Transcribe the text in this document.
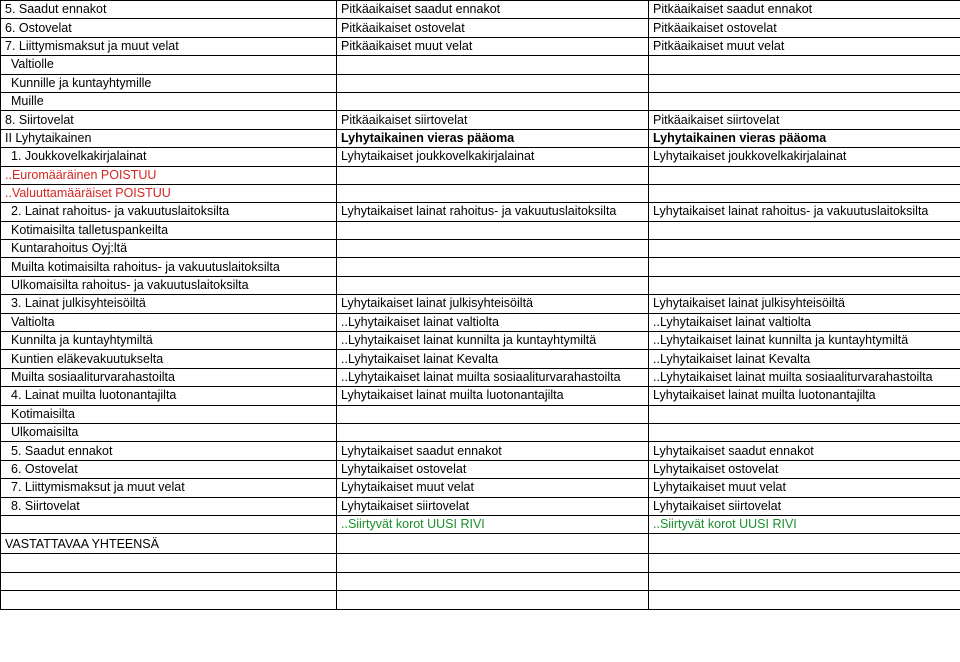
5. Saadut ennakot	Pitkäaikaiset saadut ennakot	Pitkäaikaiset saadut ennakot
6. Ostovelat	Pitkäaikaiset ostovelat	Pitkäaikaiset ostovelat
7. Liittymismaksut ja muut velat	Pitkäaikaiset muut velat	Pitkäaikaiset muut velat
Valtiolle		
Kunnille ja kuntayhtymille		
Muille		
8. Siirtovelat	Pitkäaikaiset siirtovelat	Pitkäaikaiset siirtovelat
II Lyhytaikainen	Lyhytaikainen vieras pääoma	Lyhytaikainen vieras pääoma
1. Joukkovelkakirjalainat	Lyhytaikaiset joukkovelkakirjalainat	Lyhytaikaiset joukkovelkakirjalainat
..Euromääräinen POISTUU		
..Valuuttamääräiset POISTUU		
2. Lainat rahoitus- ja vakuutuslaitoksilta	Lyhytaikaiset lainat rahoitus- ja vakuutuslaitoksilta	Lyhytaikaiset lainat rahoitus- ja vakuutuslaitoksilta
Kotimaisilta talletuspankeilta		
Kuntarahoitus Oyj:ltä		
Muilta kotimaisilta rahoitus- ja vakuutuslaitoksilta		
Ulkomaisilta rahoitus- ja vakuutuslaitoksilta		
3. Lainat julkisyhteisöiltä	Lyhytaikaiset lainat julkisyhteisöiltä	Lyhytaikaiset lainat julkisyhteisöiltä
Valtiolta	..Lyhytaikaiset lainat valtiolta	..Lyhytaikaiset lainat valtiolta
Kunnilta ja kuntayhtymiltä	..Lyhytaikaiset lainat kunnilta ja kuntayhtymiltä	..Lyhytaikaiset lainat kunnilta ja kuntayhtymiltä
Kuntien eläkevakuutukselta	..Lyhytaikaiset lainat Kevalta	..Lyhytaikaiset lainat Kevalta
Muilta sosiaaliturvarahastoilta	..Lyhytaikaiset lainat muilta sosiaaliturvarahastoilta	..Lyhytaikaiset lainat muilta sosiaaliturvarahastoilta
4. Lainat muilta luotonantajilta	Lyhytaikaiset lainat muilta luotonantajilta	Lyhytaikaiset lainat muilta luotonantajilta
Kotimaisilta		
Ulkomaisilta		
5. Saadut ennakot	Lyhytaikaiset saadut ennakot	Lyhytaikaiset saadut ennakot
6. Ostovelat	Lyhytaikaiset ostovelat	Lyhytaikaiset ostovelat
7. Liittymismaksut ja muut velat	Lyhytaikaiset muut velat	Lyhytaikaiset muut velat
8. Siirtovelat	Lyhytaikaiset siirtovelat	Lyhytaikaiset siirtovelat
	..Siirtyvät korot UUSI RIVI	..Siirtyvät korot UUSI RIVI
VASTATTAVAA YHTEENSÄ		
